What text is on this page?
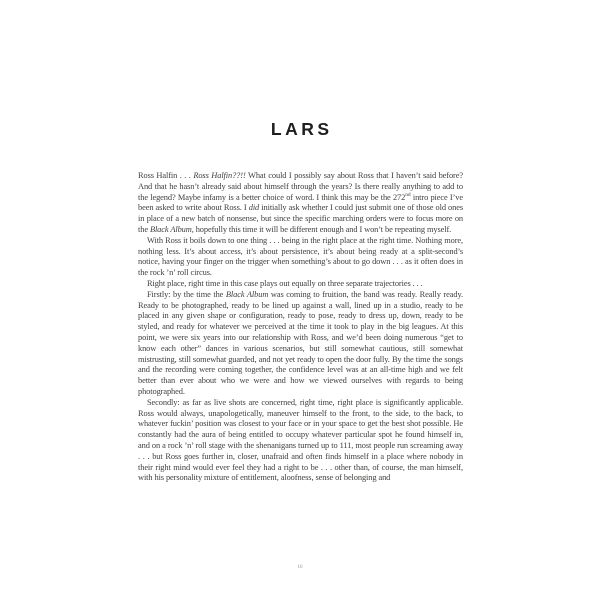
LARS

Ross Halfin . . . Ross Halfin??!! What could I possibly say about Ross that I haven’t said before? And that he hasn’t already said about himself through the years? Is there really anything to add to the legend? Maybe infamy is a better choice of word. I think this may be the 272nd intro piece I’ve been asked to write about Ross. I did initially ask whether I could just submit one of those old ones in place of a new batch of nonsense, but since the specific marching orders were to focus more on the Black Album, hopefully this time it will be different enough and I won’t be repeating myself.

With Ross it boils down to one thing . . . being in the right place at the right time. Nothing more, nothing less. It’s about access, it’s about persistence, it’s about being ready at a split-second’s notice, having your finger on the trigger when something’s about to go down . . . as it often does in the rock ’n’ roll circus.

Right place, right time in this case plays out equally on three separate trajectories . . .

Firstly: by the time the Black Album was coming to fruition, the band was ready. Really ready. Ready to be photographed, ready to be lined up against a wall, lined up in a studio, ready to be placed in any given shape or configuration, ready to pose, ready to dress up, down, ready to be styled, and ready for whatever we perceived at the time it took to play in the big leagues. At this point, we were six years into our relationship with Ross, and we’d been doing numerous “get to know each other” dances in various scenarios, but still somewhat cautious, still somewhat mistrusting, still somewhat guarded, and not yet ready to open the door fully. By the time the songs and the recording were coming together, the confidence level was at an all-time high and we felt better than ever about who we were and how we viewed ourselves with regards to being photographed.

Secondly: as far as live shots are concerned, right time, right place is significantly applicable. Ross would always, unapologetically, maneuver himself to the front, to the side, to the back, to whatever fuckin’ position was closest to your face or in your space to get the best shot possible. He constantly had the aura of being entitled to occupy whatever particular spot he found himself in, and on a rock ’n’ roll stage with the shenanigans turned up to 111, most people run screaming away . . . but Ross goes further in, closer, unafraid and often finds himself in a place where nobody in their right mind would ever feel they had a right to be . . . other than, of course, the man himself, with his personality mixture of entitlement, aloofness, sense of belonging and

16
